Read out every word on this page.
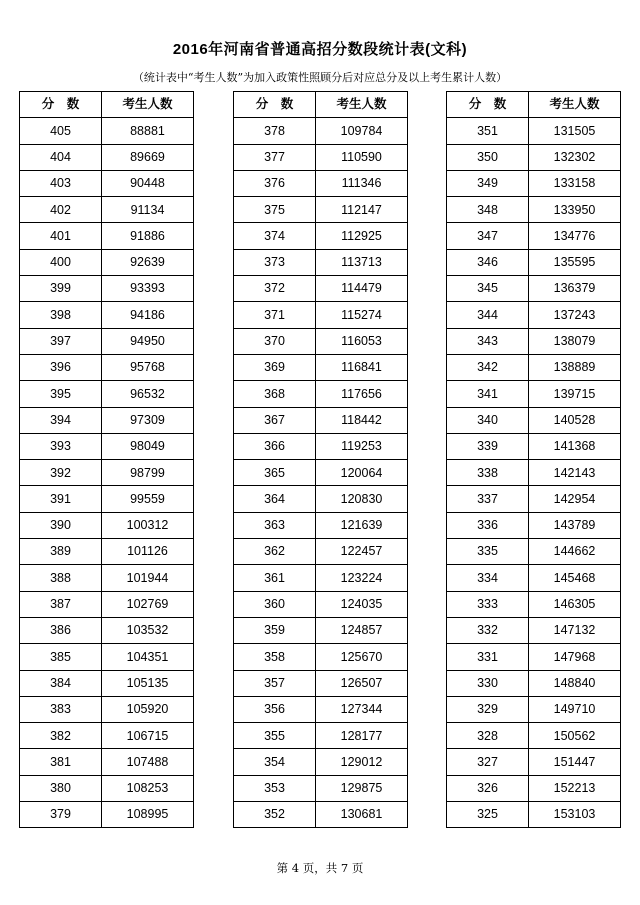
2016年河南省普通高招分数段统计表(文科)
（统计表中“考生人数”为加入政策性照顾分后对应总分及以上考生累计人数）
分　数	考生人数
405	88881
404	89669
403	90448
402	91134
401	91886
400	92639
399	93393
398	94186
397	94950
396	95768
395	96532
394	97309
393	98049
392	98799
391	99559
390	100312
389	101126
388	101944
387	102769
386	103532
385	104351
384	105135
383	105920
382	106715
381	107488
380	108253
379	108995
分　数	考生人数
378	109784
377	110590
376	111346
375	112147
374	112925
373	113713
372	114479
371	115274
370	116053
369	116841
368	117656
367	118442
366	119253
365	120064
364	120830
363	121639
362	122457
361	123224
360	124035
359	124857
358	125670
357	126507
356	127344
355	128177
354	129012
353	129875
352	130681
分　数	考生人数
351	131505
350	132302
349	133158
348	133950
347	134776
346	135595
345	136379
344	137243
343	138079
342	138889
341	139715
340	140528
339	141368
338	142143
337	142954
336	143789
335	144662
334	145468
333	146305
332	147132
331	147968
330	148840
329	149710
328	150562
327	151447
326	152213
325	153103
第 4 页，共 7 页
